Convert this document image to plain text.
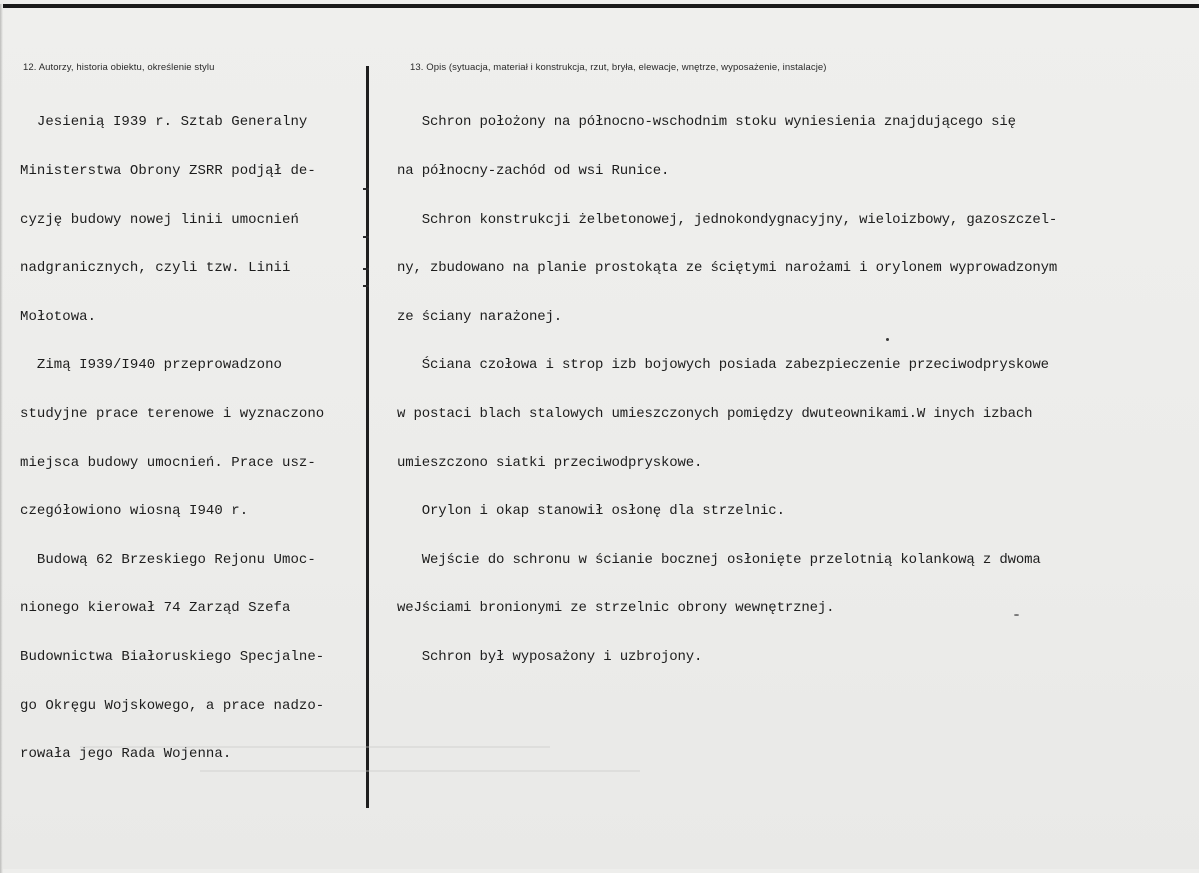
12. Autorzy, historia obiektu, określenie stylu	13. Opis (sytuacja, materiał i konstrukcja, rzut, bryła, elewacje, wnętrze, wyposażenie, instalacje)

Jesienią I939 r. Sztab Generalny

Ministerstwa Obrony ZSRR podjął de-

cyzję budowy nowej linii umocnień

nadgranicznych, czyli tzw. Linii

Mołotowa.

Zimą I939/I940 przeprowadzono

studyjne prace terenowe i wyznaczono

miejsca budowy umocnień. Prace usz-

czegółowiono wiosną I940 r.

Budową 62 Brzeskiego Rejonu Umoc-

nionego kierował 74 Zarząd Szefa

Budownictwa Białoruskiego Specjalne-

go Okręgu Wojskowego, a prace nadzo-

rowała jego Rada Wojenna.

Schron położony na północno-wschodnim stoku wyniesienia znajdującego się

na północny-zachód od wsi Runice.

Schron konstrukcji żelbetonowej, jednokondygnacyjny, wieloizbowy, gazoszczel-

ny, zbudowano na planie prostokąta ze ściętymi narożami i orylonem wyprowadzonym

ze ściany narażonej.

Ściana czołowa i strop izb bojowych posiada zabezpieczenie przeciwodpryskowe

w postaci blach stalowych umieszczonych pomiędzy dwuteownikami.W inych izbach

umieszczono siatki przeciwodpryskowe.

Orylon i okap stanowił osłonę dla strzelnic.

Wejście do schronu w ścianie bocznej osłonięte przelotnią kolankową z dwoma

weJściami bronionymi ze strzelnic obrony wewnętrznej.

Schron był wyposażony i uzbrojony.
